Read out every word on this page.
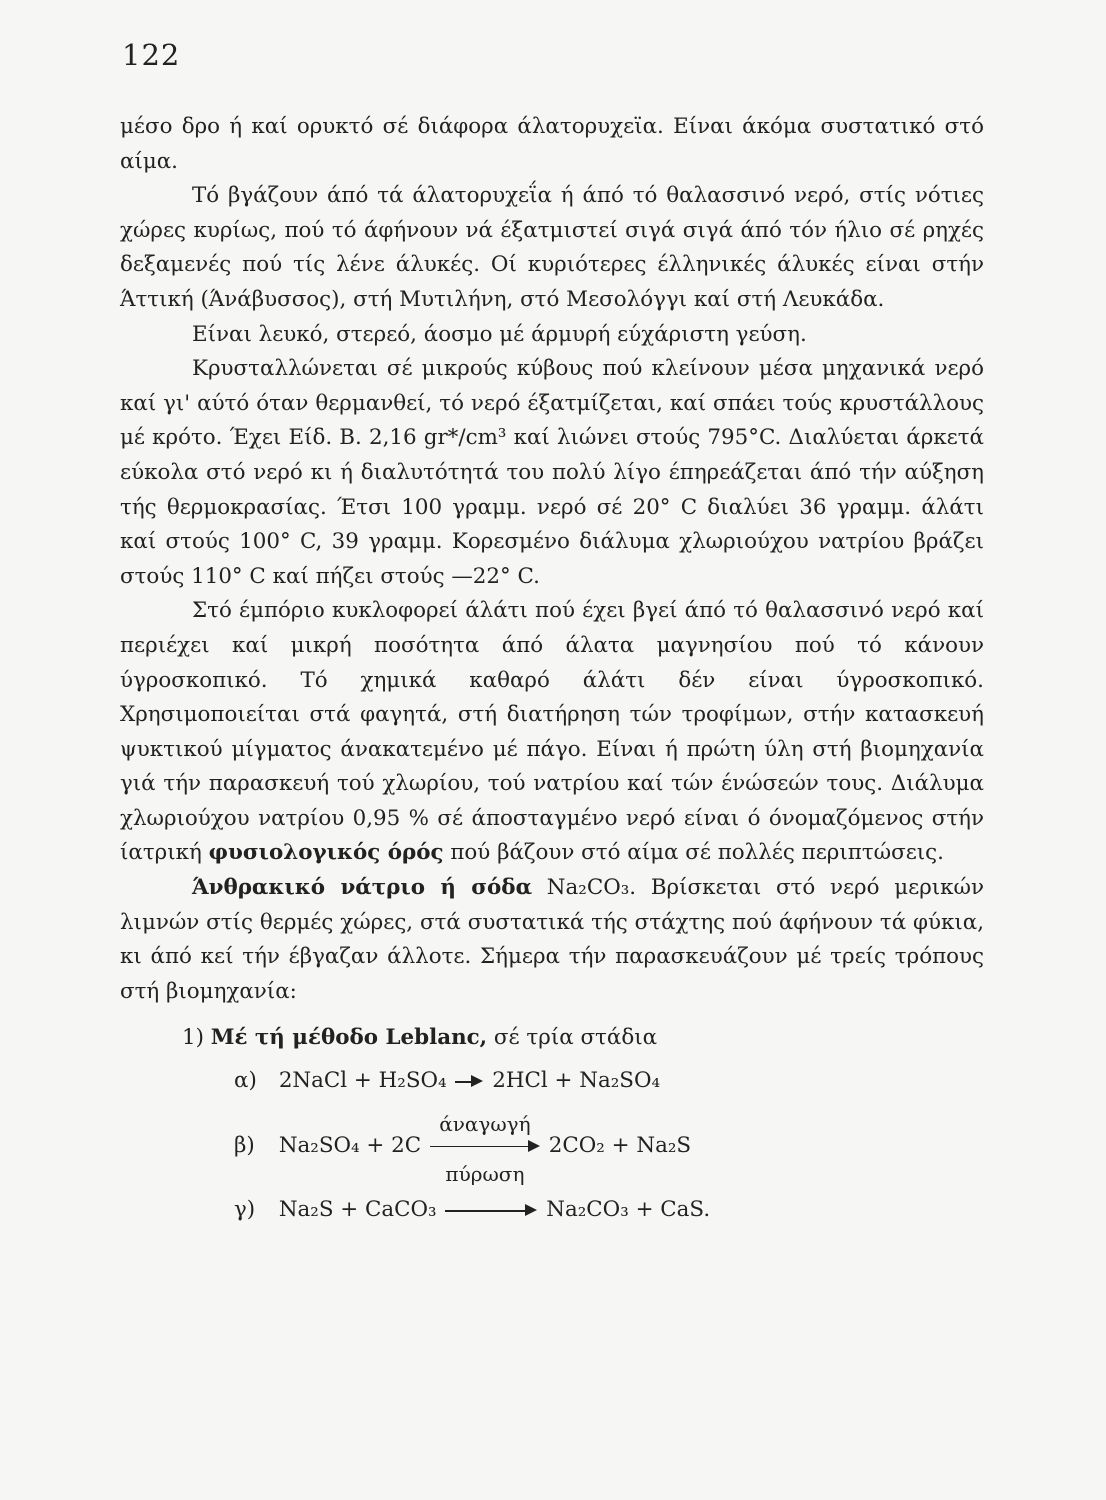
122

μέσο δρο ή καί ορυκτό σέ διάφορα άλατορυχεϊα. Είναι άκόμα συστατικό στό αίμα.

Τό βγάζουν άπό τά άλατορυχεΐα ή άπό τό θαλασσινό νερό, στίς νότιες χώρες κυρίως, πού τό άφήνουν νά έξατμιστεί σιγά σιγά άπό τόν ήλιο σέ ρηχές δεξαμενές πού τίς λένε άλυκές. Οί κυριότερες έλληνικές άλυκές είναι στήν Άττική (Άνάβυσσος), στή Μυτιλήνη, στό Μεσολόγγι καί στή Λευκάδα.

Είναι λευκό, στερεό, άοσμο μέ άρμυρή εύχάριστη γεύση.

Κρυσταλλώνεται σέ μικρούς κύβους πού κλείνουν μέσα μηχανικά νερό καί γι' αύτό όταν θερμανθεί, τό νερό έξατμίζεται, καί σπάει τούς κρυστάλλους μέ κρότο. Έχει Είδ. Β. 2,16 gr*/cm³ καί λιώνει στούς 795°C. Διαλύεται άρκετά εύκολα στό νερό κι ή διαλυτότητά του πολύ λίγο έπηρεάζεται άπό τήν αύξηση τής θερμοκρασίας. Έτσι 100 γραμμ. νερό σέ 20° C διαλύει 36 γραμμ. άλάτι καί στούς 100° C, 39 γραμμ. Κορεσμένο διάλυμα χλωριούχου νατρίου βράζει στούς 110° C καί πήζει στούς —22° C.

Στό έμπόριο κυκλοφορεί άλάτι πού έχει βγεί άπό τό θαλασσινό νερό καί περιέχει καί μικρή ποσότητα άπό άλατα μαγνησίου πού τό κάνουν ύγροσκοπικό. Τό χημικά καθαρό άλάτι δέν είναι ύγροσκοπικό. Χρησιμοποιείται στά φαγητά, στή διατήρηση τών τροφίμων, στήν κατασκευή ψυκτικού μίγματος άνακατεμένο μέ πάγο. Είναι ή πρώτη ύλη στή βιομηχανία γιά τήν παρασκευή τού χλωρίου, τού νατρίου καί τών ένώσεών τους. Διάλυμα χλωριούχου νατρίου 0,95 % σέ άποσταγμένο νερό είναι ό όνομαζόμενος στήν ίατρική φυσιολογικός όρός πού βάζουν στό αίμα σέ πολλές περιπτώσεις.

Άνθρακικό νάτριο ή σόδα Na₂CO₃. Βρίσκεται στό νερό μερικών λιμνών στίς θερμές χώρες, στά συστατικά τής στάχτης πού άφήνουν τά φύκια, κι άπό κεί τήν έβγαζαν άλλοτε. Σήμερα τήν παρασκευάζουν μέ τρείς τρόπους στή βιομηχανία:

1) Μέ τή μέθοδο Leblanc, σέ τρία στάδια
α) 2NaCl + H₂SO₄ 2HCl + Na₂SO₄
β) Na₂SO₄ + 2C
άναγωγή
πύρωση
2CO₂ + Na₂S
γ) Na₂S + CaCO₃	Na₂CO₃ + CaS.
